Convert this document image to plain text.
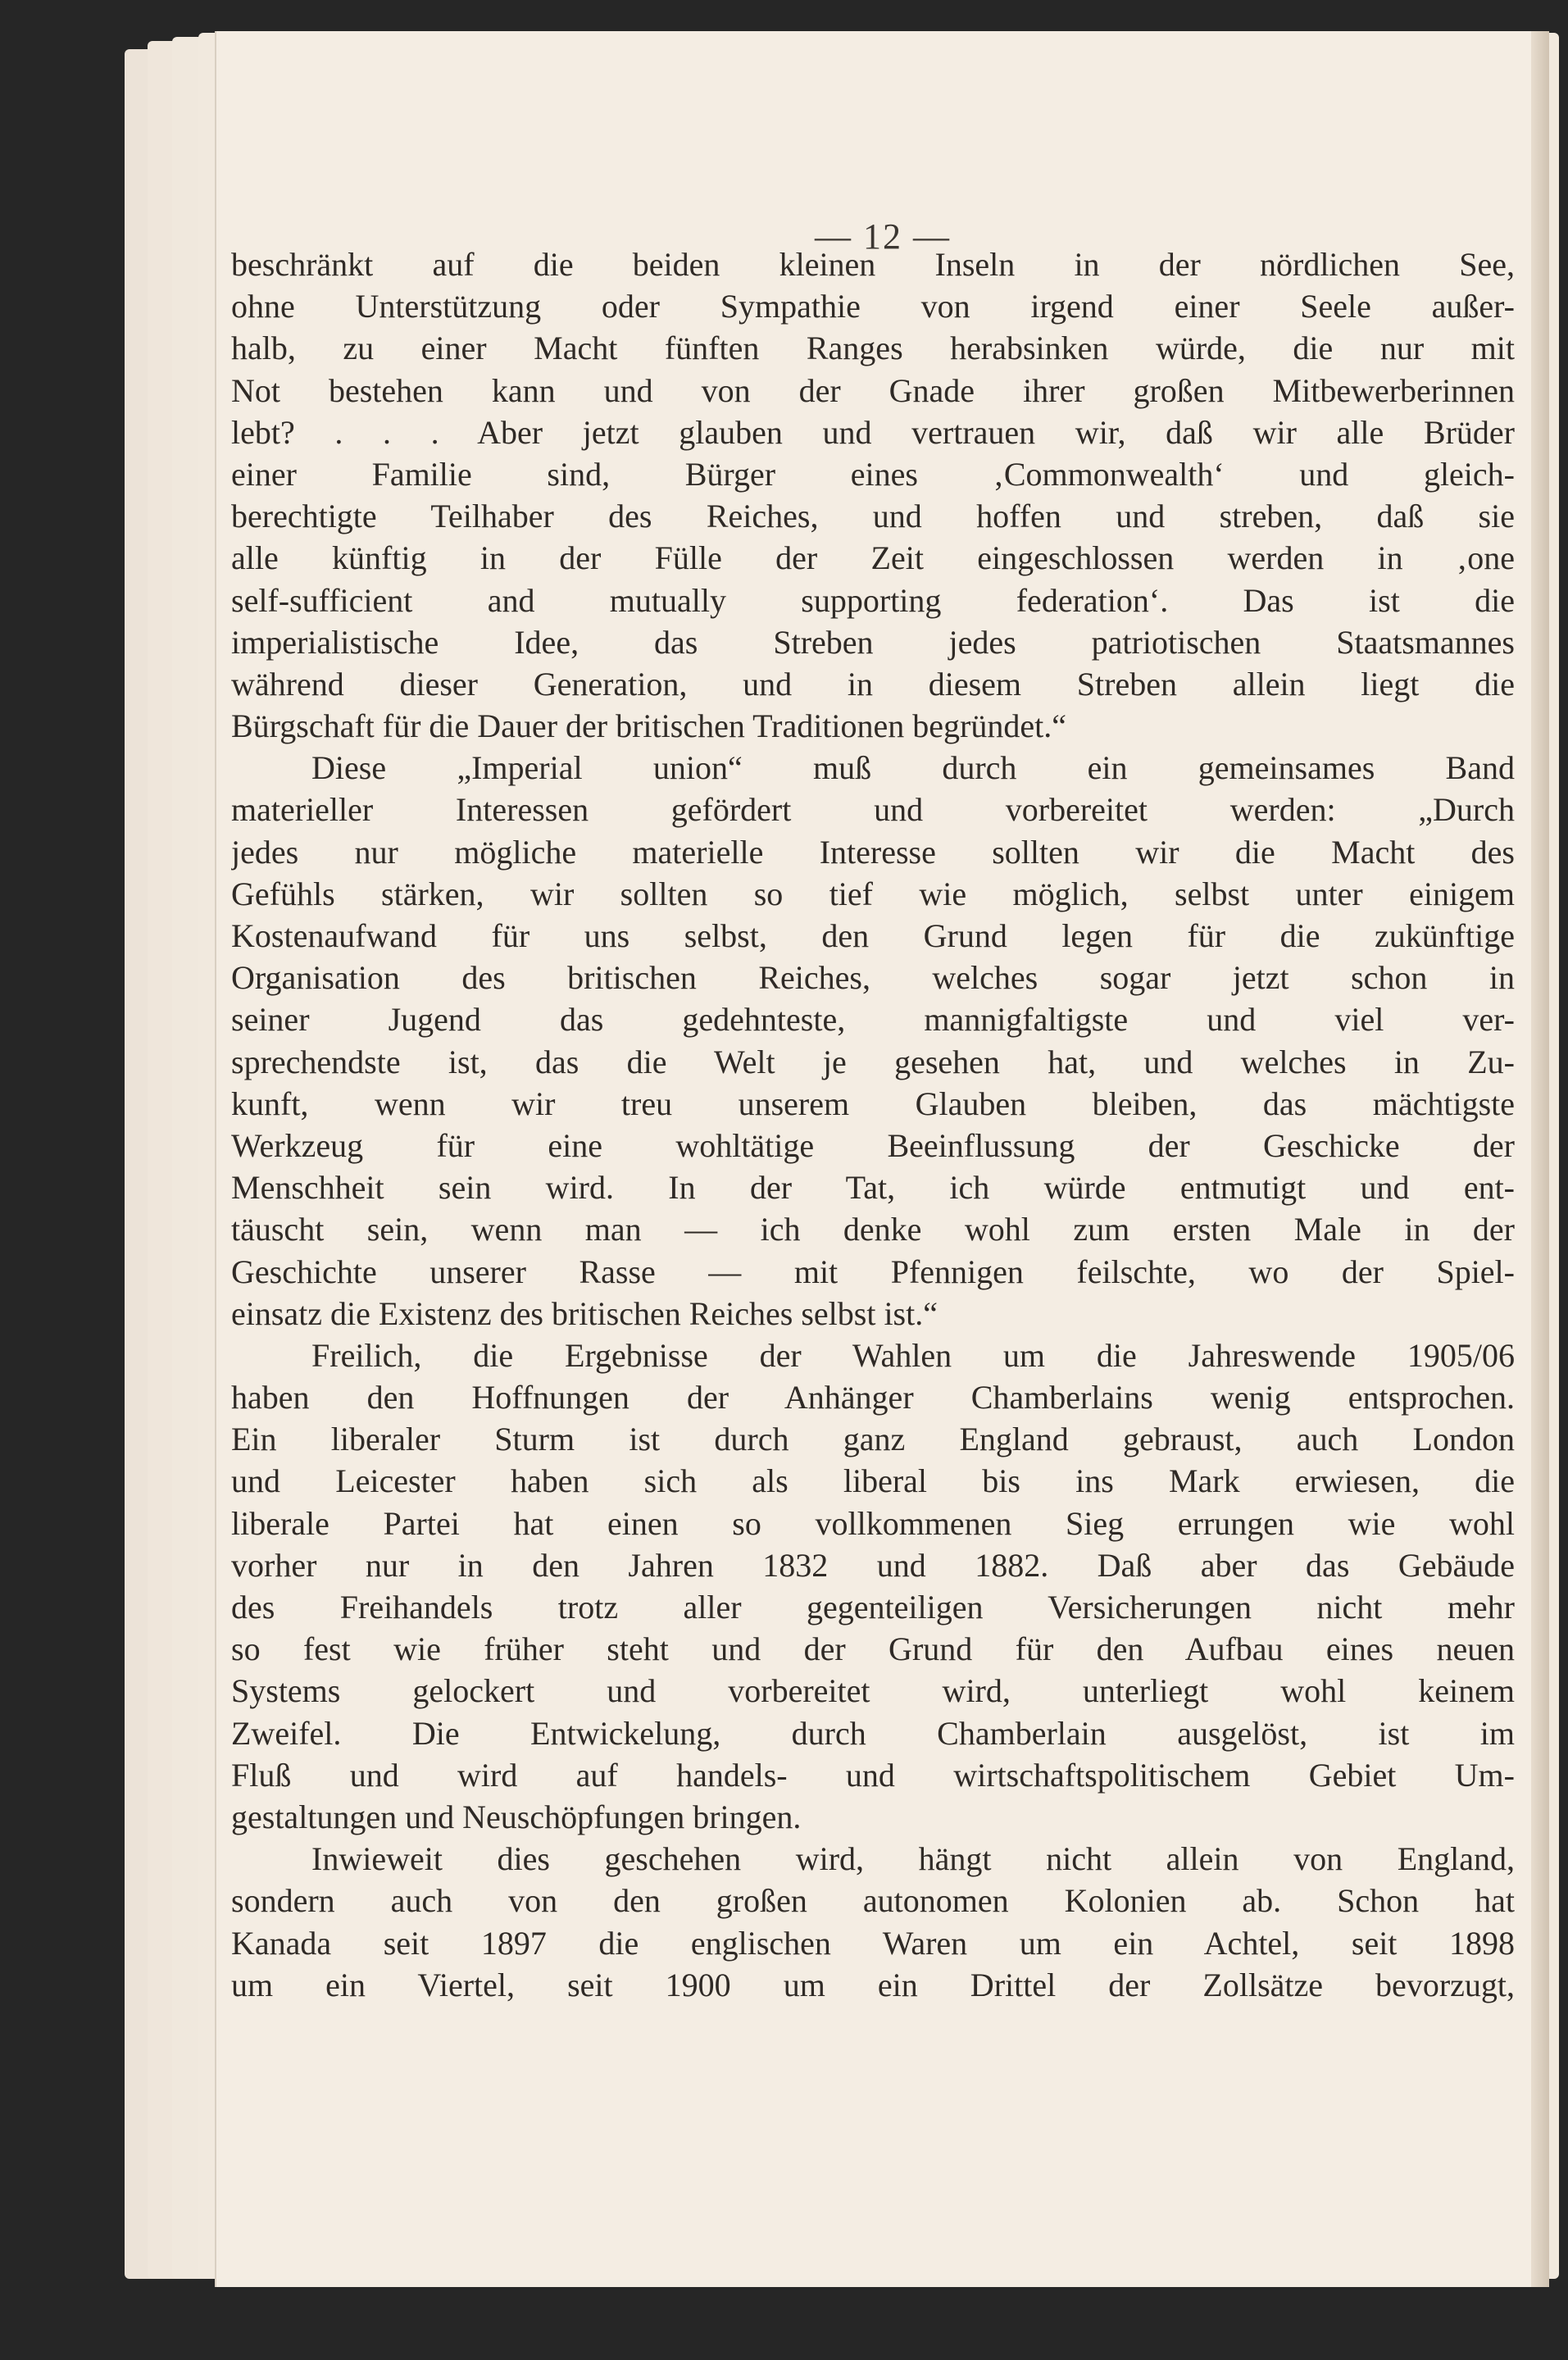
— 12 —
beschränkt auf die beiden kleinen Inseln in der nördlichen See,
ohne Unterstützung oder Sympathie von irgend einer Seele außer-
halb, zu einer Macht fünften Ranges herabsinken würde, die nur mit
Not bestehen kann und von der Gnade ihrer großen Mitbewerberinnen
lebt? . . . Aber jetzt glauben und vertrauen wir, daß wir alle Brüder
einer Familie sind, Bürger eines ‚Commonwealth‘ und gleich-
berechtigte Teilhaber des Reiches, und hoffen und streben, daß sie
alle künftig in der Fülle der Zeit eingeschlossen werden in ‚one
self-sufficient and mutually supporting federation‘. Das ist die
imperialistische Idee, das Streben jedes patriotischen Staatsmannes
während dieser Generation, und in diesem Streben allein liegt die
Bürgschaft für die Dauer der britischen Traditionen begründet.“
Diese „Imperial union“ muß durch ein gemeinsames Band
materieller Interessen gefördert und vorbereitet werden: „Durch
jedes nur mögliche materielle Interesse sollten wir die Macht des
Gefühls stärken, wir sollten so tief wie möglich, selbst unter einigem
Kostenaufwand für uns selbst, den Grund legen für die zukünftige
Organisation des britischen Reiches, welches sogar jetzt schon in
seiner Jugend das gedehnteste, mannigfaltigste und viel ver-
sprechendste ist, das die Welt je gesehen hat, und welches in Zu-
kunft, wenn wir treu unserem Glauben bleiben, das mächtigste
Werkzeug für eine wohltätige Beeinflussung der Geschicke der
Menschheit sein wird. In der Tat, ich würde entmutigt und ent-
täuscht sein, wenn man — ich denke wohl zum ersten Male in der
Geschichte unserer Rasse — mit Pfennigen feilschte, wo der Spiel-
einsatz die Existenz des britischen Reiches selbst ist.“
Freilich, die Ergebnisse der Wahlen um die Jahreswende 1905/06
haben den Hoffnungen der Anhänger Chamberlains wenig entsprochen.
Ein liberaler Sturm ist durch ganz England gebraust, auch London
und Leicester haben sich als liberal bis ins Mark erwiesen, die
liberale Partei hat einen so vollkommenen Sieg errungen wie wohl
vorher nur in den Jahren 1832 und 1882. Daß aber das Gebäude
des Freihandels trotz aller gegenteiligen Versicherungen nicht mehr
so fest wie früher steht und der Grund für den Aufbau eines neuen
Systems gelockert und vorbereitet wird, unterliegt wohl keinem
Zweifel. Die Entwickelung, durch Chamberlain ausgelöst, ist im
Fluß und wird auf handels- und wirtschaftspolitischem Gebiet Um-
gestaltungen und Neuschöpfungen bringen.
Inwieweit dies geschehen wird, hängt nicht allein von England,
sondern auch von den großen autonomen Kolonien ab. Schon hat
Kanada seit 1897 die englischen Waren um ein Achtel, seit 1898
um ein Viertel, seit 1900 um ein Drittel der Zollsätze bevorzugt,
